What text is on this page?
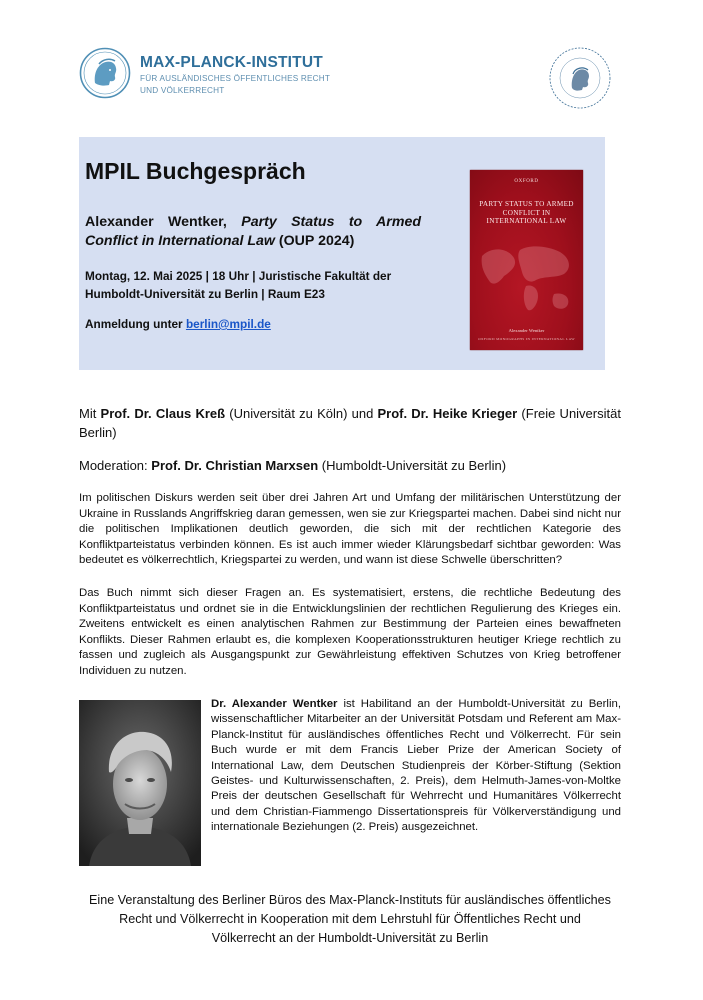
MAX-PLANCK-INSTITUT
FÜR AUSLÄNDISCHES ÖFFENTLICHES RECHT
UND VÖLKERRECHT
MPIL Buchgespräch
Alexander Wentker, Party Status to Armed Conflict in International Law (OUP 2024)
Montag, 12. Mai 2025 | 18 Uhr | Juristische Fakultät der
Humboldt-Universität zu Berlin | Raum E23
Anmeldung unter berlin@mpil.de
OXFORD
PARTY STATUS TO ARMED CONFLICT IN INTERNATIONAL LAW
Alexander Wentker
OXFORD MONOGRAPHS IN INTERNATIONAL LAW
Mit Prof. Dr. Claus Kreß (Universität zu Köln) und Prof. Dr. Heike Krieger (Freie Universität Berlin)
Moderation: Prof. Dr. Christian Marxsen (Humboldt-Universität zu Berlin)
Im politischen Diskurs werden seit über drei Jahren Art und Umfang der militärischen Unterstützung der Ukraine in Russlands Angriffskrieg daran gemessen, wen sie zur Kriegspartei machen. Dabei sind nicht nur die politischen Implikationen deutlich geworden, die sich mit der rechtlichen Kategorie des Konfliktparteistatus verbinden können. Es ist auch immer wieder Klärungsbedarf sichtbar geworden: Was bedeutet es völkerrechtlich, Kriegspartei zu werden, und wann ist diese Schwelle überschritten?
Das Buch nimmt sich dieser Fragen an. Es systematisiert, erstens, die rechtliche Bedeutung des Konfliktparteistatus und ordnet sie in die Entwicklungslinien der rechtlichen Regulierung des Krieges ein. Zweitens entwickelt es einen analytischen Rahmen zur Bestimmung der Parteien eines bewaffneten Konflikts. Dieser Rahmen erlaubt es, die komplexen Kooperationsstrukturen heutiger Kriege rechtlich zu fassen und zugleich als Ausgangspunkt zur Gewährleistung effektiven Schutzes von Krieg betroffener Individuen zu nutzen.
Dr. Alexander Wentker ist Habilitand an der Humboldt-Universität zu Berlin, wissenschaftlicher Mitarbeiter an der Universität Potsdam und Referent am Max-Planck-Institut für ausländisches öffentliches Recht und Völkerrecht. Für sein Buch wurde er mit dem Francis Lieber Prize der American Society of International Law, dem Deutschen Studienpreis der Körber-Stiftung (Sektion Geistes- und Kulturwissenschaften, 2. Preis), dem Helmuth-James-von-Moltke Preis der deutschen Gesellschaft für Wehrrecht und Humanitäres Völkerrecht und dem Christian-Fiammengo Dissertationspreis für Völkerverständigung und internationale Beziehungen (2. Preis) ausgezeichnet.
Eine Veranstaltung des Berliner Büros des Max-Planck-Instituts für ausländisches öffentliches
Recht und Völkerrecht in Kooperation mit dem Lehrstuhl für Öffentliches Recht und
Völkerrecht an der Humboldt-Universität zu Berlin
